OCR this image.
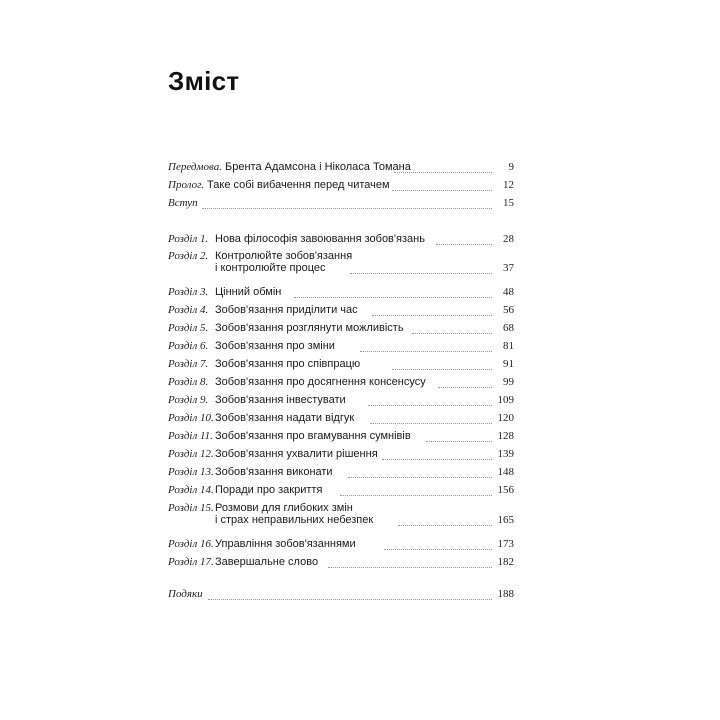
Зміст
Передмова. Брента Адамсона і Ніколаса Томана	9
Пролог. Таке собі вибачення перед читачем	12
Вступ	15
Розділ 1. Нова філософія завоювання зобов'язань	28
Розділ 2. Контролюйте зобов'язання
і контролюйте процес	37
Розділ 3. Цінний обмін	48
Розділ 4. Зобов'язання приділити час	56
Розділ 5. Зобов'язання розглянути можливість	68
Розділ 6. Зобов'язання про зміни	81
Розділ 7. Зобов'язання про співпрацю	91
Розділ 8. Зобов'язання про досягнення консенсусу	99
Розділ 9. Зобов'язання інвестувати	109
Розділ 10. Зобов'язання надати відгук	120
Розділ 11. Зобов'язання про вгамування сумнівів	128
Розділ 12. Зобов'язання ухвалити рішення	139
Розділ 13. Зобов'язання виконати	148
Розділ 14. Поради про закриття	156
Розділ 15. Розмови для глибоких змін
і страх неправильних небезпек	165
Розділ 16. Управління зобов'язаннями	173
Розділ 17. Завершальне слово	182
Подяки	188
